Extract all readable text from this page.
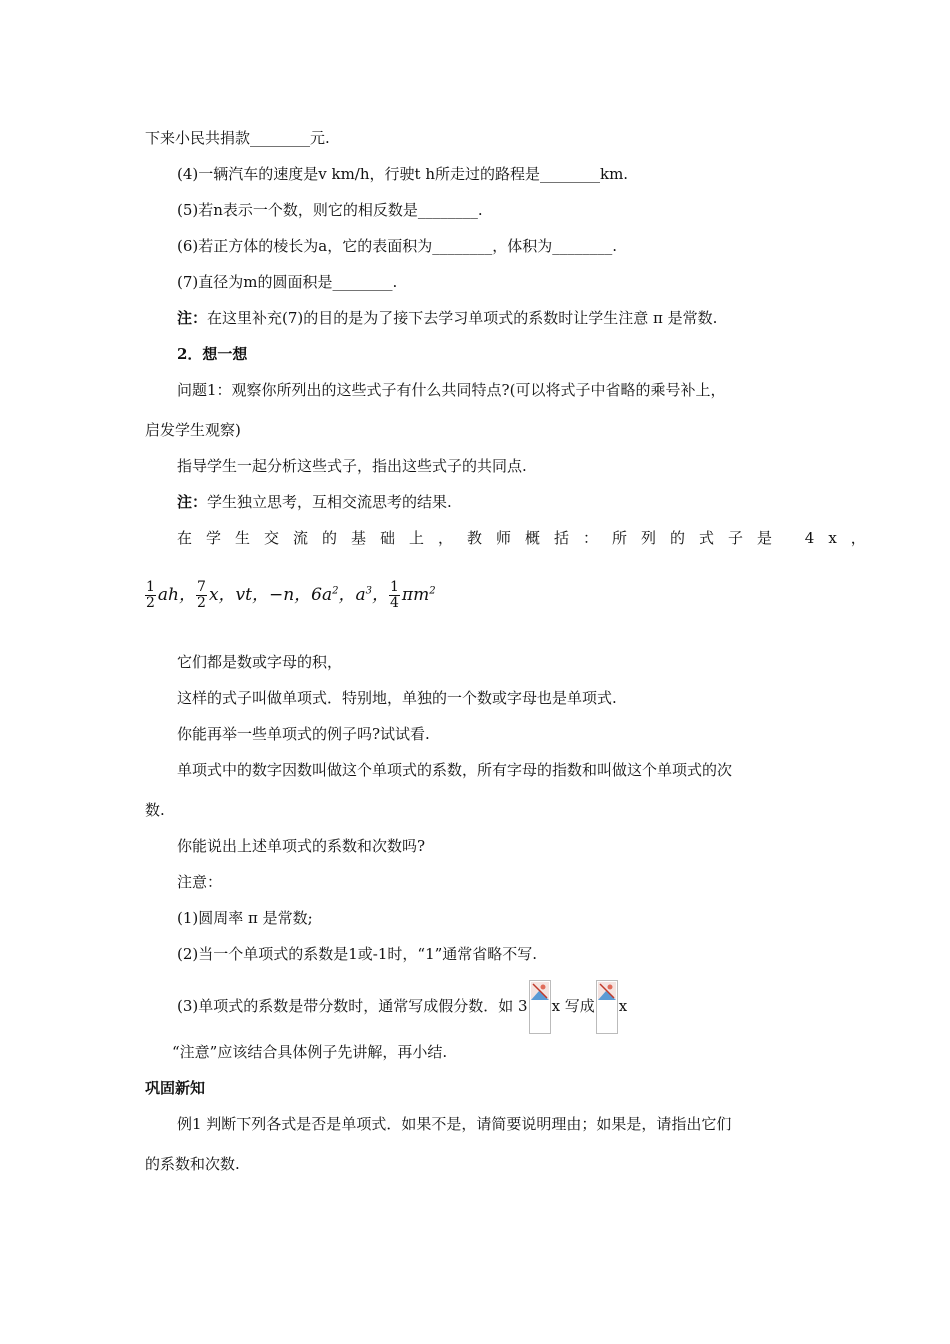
下来小民共捐款________元.
(4)一辆汽车的速度是v km/h，行驶t h所走过的路程是________km.
(5)若n表示一个数，则它的相反数是________.
(6)若正方体的棱长为a，它的表面积为________，体积为________.
(7)直径为m的圆面积是________.
注：在这里补充(7)的目的是为了接下去学习单项式的系数时让学生注意 π 是常数.
2．想一想
问题1：观察你所列出的这些式子有什么共同特点?(可以将式子中省略的乘号补上，
启发学生观察)
指导学生一起分析这些式子，指出这些式子的共同点.
注：学生独立思考，互相交流思考的结果.
在学生交流的基础上，教师概括：所列的式子是 4x，
$\frac{1}{2}$ ah， $\frac{7}{2}$ x，vt，−n，$6a^2$，$a^3$， $\frac{1}{4} \pi m^2$
它们都是数或字母的积，
这样的式子叫做单项式．特别地，单独的一个数或字母也是单项式.
你能再举一些单项式的例子吗?试试看.
单项式中的数字因数叫做这个单项式的系数，所有字母的指数和叫做这个单项式的次
数.
你能说出上述单项式的系数和次数吗?
注意：
(1)圆周率 π 是常数;
(2)当一个单项式的系数是1或-1时，“1”通常省略不写.
(3)单项式的系数是带分数时，通常写成假分数．如 3 x 写成 x
“注意”应该结合具体例子先讲解，再小结.
巩固新知
例1 判断下列各式是否是单项式．如果不是，请简要说明理由；如果是，请指出它们
的系数和次数.
